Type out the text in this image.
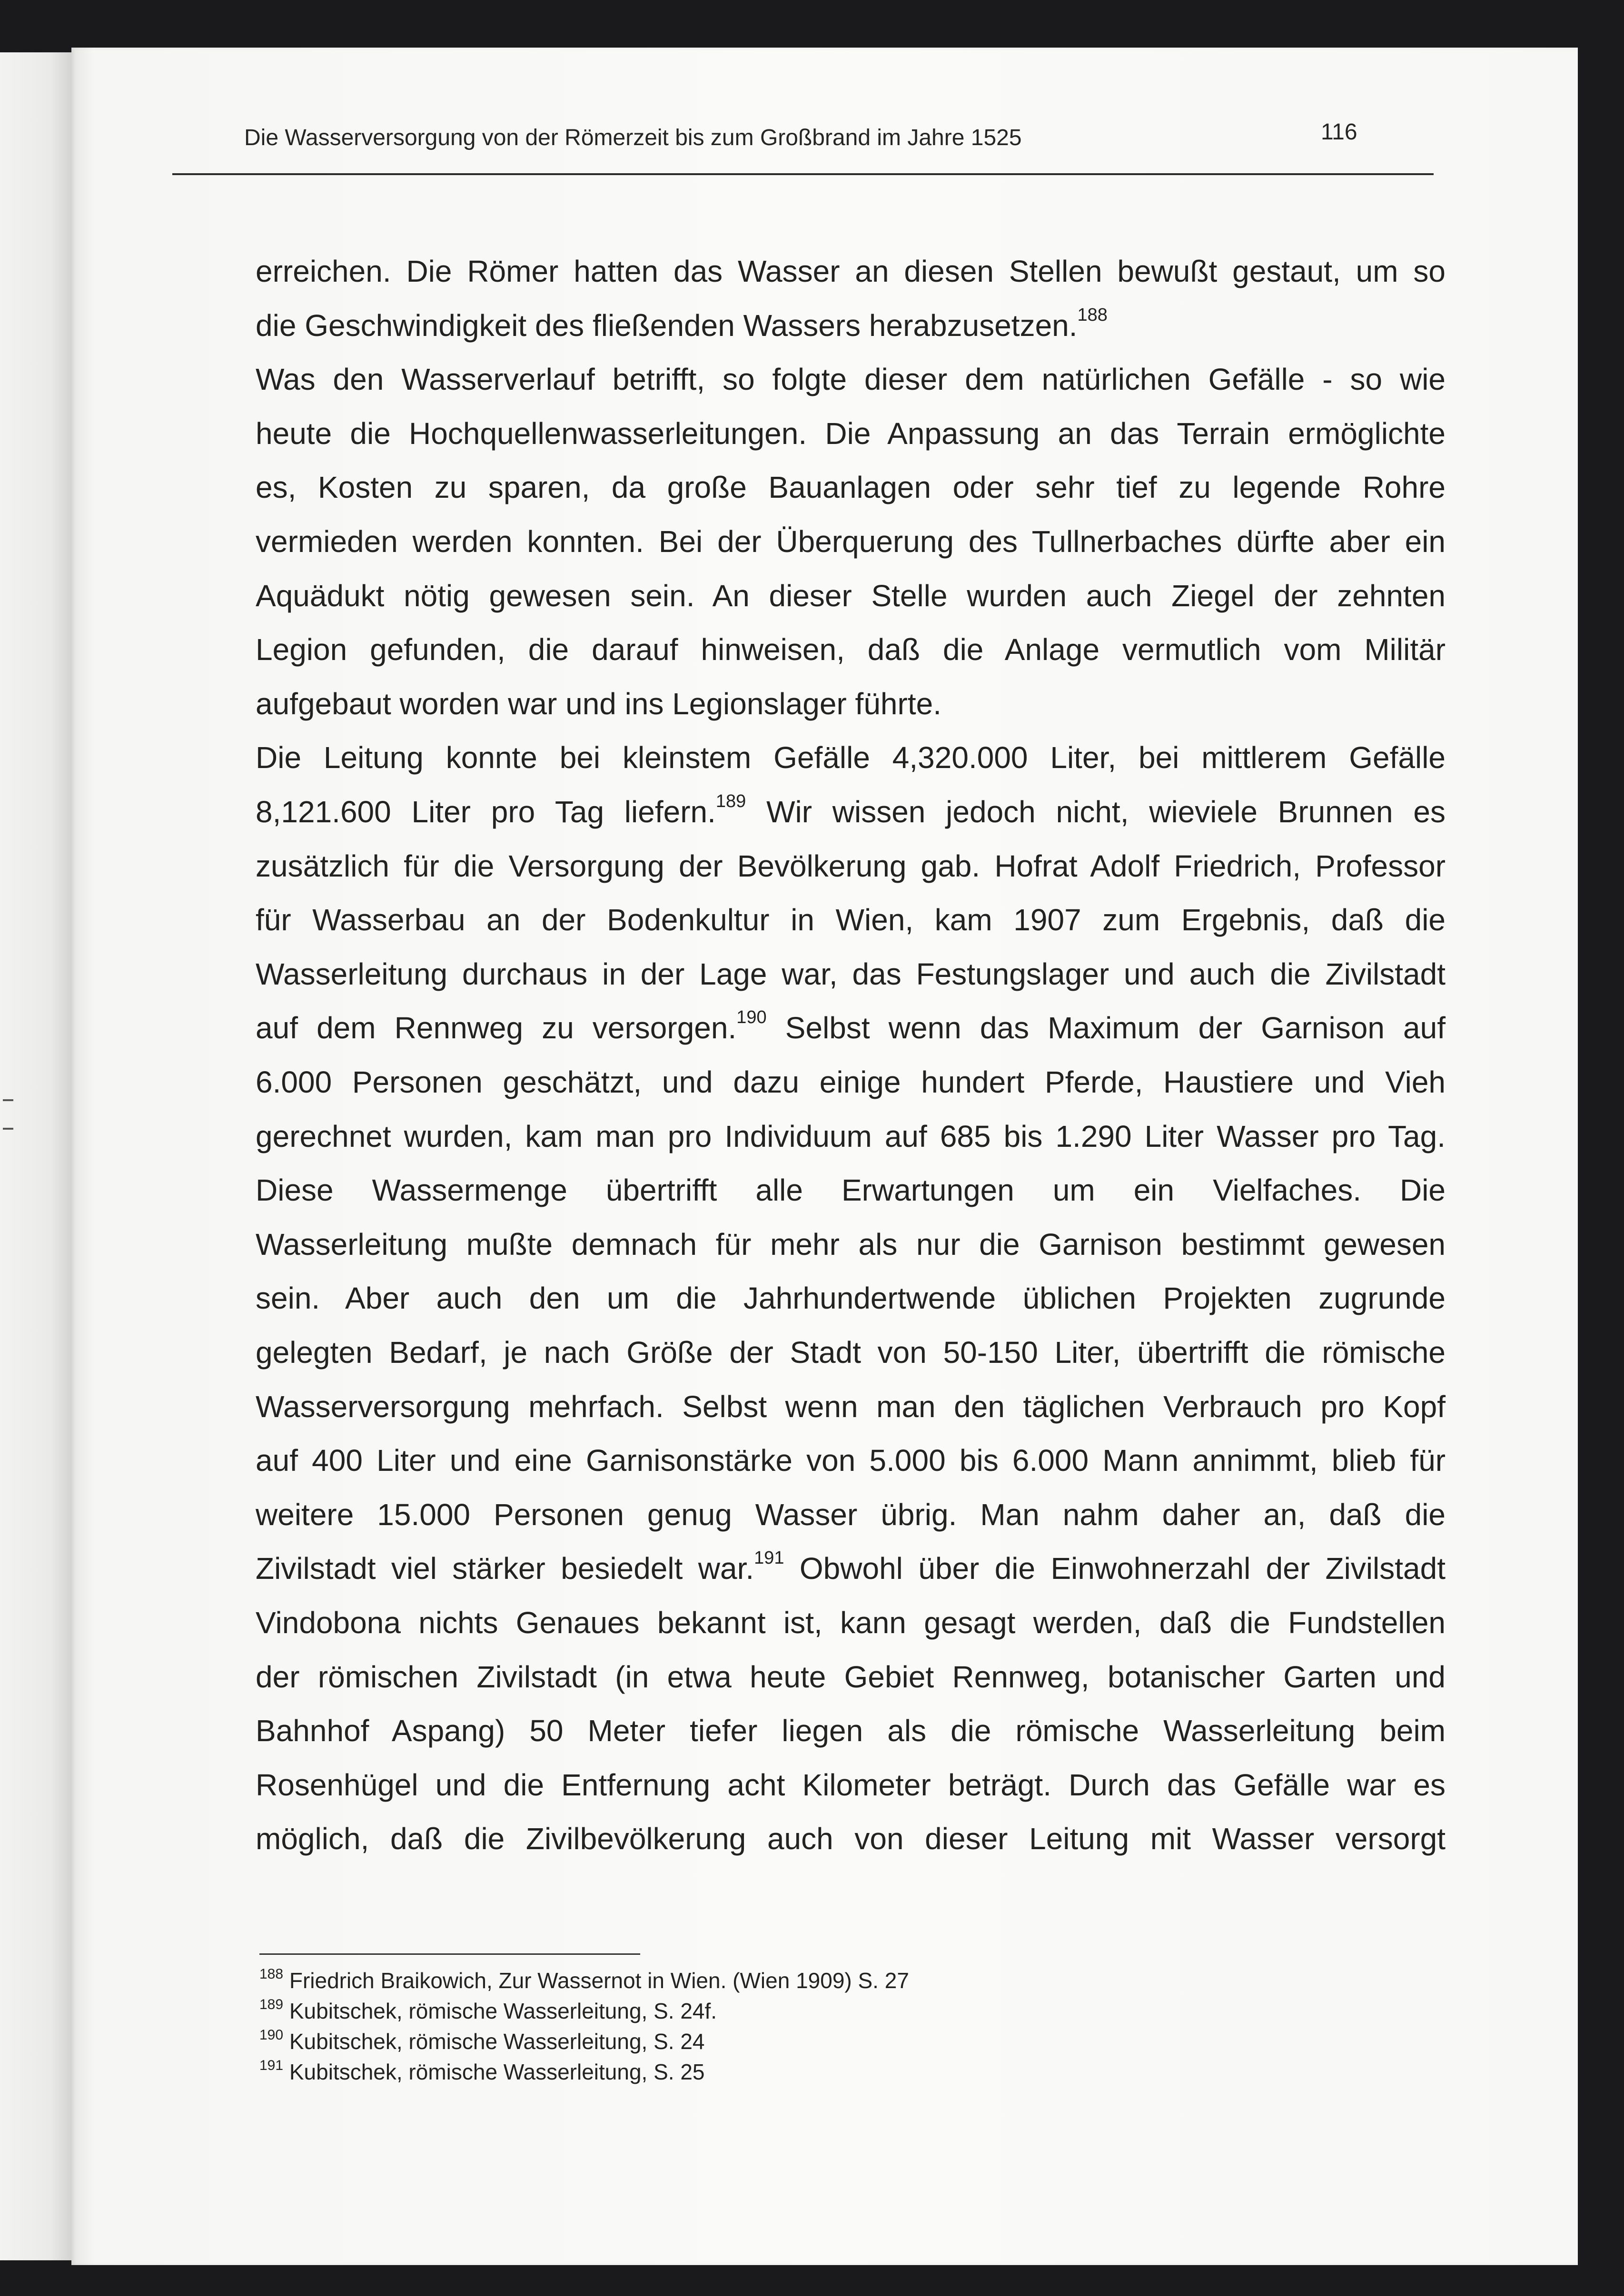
Die Wasserversorgung von der Römerzeit bis zum Großbrand im Jahre 1525	116
erreichen. Die Römer hatten das Wasser an diesen Stellen bewußt gestaut, um so
die Geschwindigkeit des fließenden Wassers herabzusetzen.$^{188}$
Was den Wasserverlauf betrifft, so folgte dieser dem natürlichen Gefälle - so wie
heute die Hochquellenwasserleitungen. Die Anpassung an das Terrain ermöglichte
es, Kosten zu sparen, da große Bauanlagen oder sehr tief zu legende Rohre
vermieden werden konnten. Bei der Überquerung des Tullnerbaches dürfte aber ein
Aquädukt nötig gewesen sein. An dieser Stelle wurden auch Ziegel der zehnten
Legion gefunden, die darauf hinweisen, daß die Anlage vermutlich vom Militär
aufgebaut worden war und ins Legionslager führte.
Die Leitung konnte bei kleinstem Gefälle 4,320.000 Liter, bei mittlerem Gefälle
8,121.600 Liter pro Tag liefern.$^{189}$ Wir wissen jedoch nicht, wieviele Brunnen es
zusätzlich für die Versorgung der Bevölkerung gab. Hofrat Adolf Friedrich, Professor
für Wasserbau an der Bodenkultur in Wien, kam 1907 zum Ergebnis, daß die
Wasserleitung durchaus in der Lage war, das Festungslager und auch die Zivilstadt
auf dem Rennweg zu versorgen.$^{190}$ Selbst wenn das Maximum der Garnison auf
6.000 Personen geschätzt, und dazu einige hundert Pferde, Haustiere und Vieh
gerechnet wurden, kam man pro Individuum auf 685 bis 1.290 Liter Wasser pro Tag.
Diese Wassermenge übertrifft alle Erwartungen um ein Vielfaches. Die
Wasserleitung mußte demnach für mehr als nur die Garnison bestimmt gewesen
sein. Aber auch den um die Jahrhundertwende üblichen Projekten zugrunde
gelegten Bedarf, je nach Größe der Stadt von 50-150 Liter, übertrifft die römische
Wasserversorgung mehrfach. Selbst wenn man den täglichen Verbrauch pro Kopf
auf 400 Liter und eine Garnisonstärke von 5.000 bis 6.000 Mann annimmt, blieb für
weitere 15.000 Personen genug Wasser übrig. Man nahm daher an, daß die
Zivilstadt viel stärker besiedelt war.$^{191}$ Obwohl über die Einwohnerzahl der Zivilstadt
Vindobona nichts Genaues bekannt ist, kann gesagt werden, daß die Fundstellen
der römischen Zivilstadt (in etwa heute Gebiet Rennweg, botanischer Garten und
Bahnhof Aspang) 50 Meter tiefer liegen als die römische Wasserleitung beim
Rosenhügel und die Entfernung acht Kilometer beträgt. Durch das Gefälle war es
möglich, daß die Zivilbevölkerung auch von dieser Leitung mit Wasser versorgt
$^{188}$ Friedrich Braikowich, Zur Wassernot in Wien. (Wien 1909) S. 27
$^{189}$ Kubitschek, römische Wasserleitung, S. 24f.
$^{190}$ Kubitschek, römische Wasserleitung, S. 24
$^{191}$ Kubitschek, römische Wasserleitung, S. 25
